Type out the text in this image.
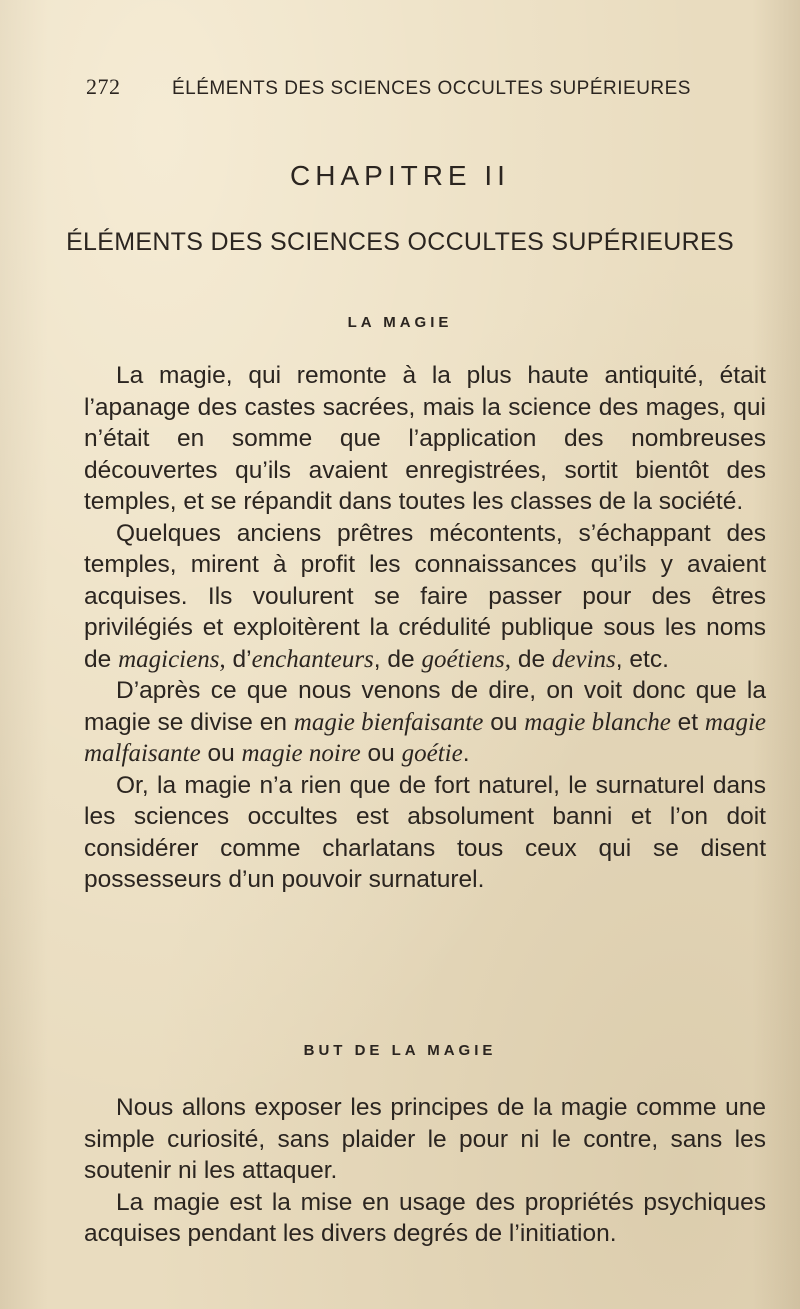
272	ÉLÉMENTS DES SCIENCES OCCULTES SUPÉRIEURES
CHAPITRE II
ÉLÉMENTS DES SCIENCES OCCULTES SUPÉRIEURES
LA MAGIE

La magie, qui remonte à la plus haute antiquité, était l’apanage des castes sacrées, mais la science des mages, qui n’était en somme que l’application des nombreuses découvertes qu’ils avaient enregistrées, sortit bientôt des temples, et se répandit dans toutes les classes de la société.

Quelques anciens prêtres mécontents, s’échappant des temples, mirent à profit les connaissances qu’ils y avaient acquises. Ils voulurent se faire passer pour des êtres privilégiés et exploitèrent la crédulité publique sous les noms de magiciens, d’enchanteurs, de goétiens, de devins, etc.

D’après ce que nous venons de dire, on voit donc que la magie se divise en magie bienfaisante ou magie blanche et magie malfaisante ou magie noire ou goétie.

Or, la magie n’a rien que de fort naturel, le surnaturel dans les sciences occultes est absolument banni et l’on doit considérer comme charlatans tous ceux qui se disent possesseurs d’un pouvoir surnaturel.

BUT DE LA MAGIE

Nous allons exposer les principes de la magie comme une simple curiosité, sans plaider le pour ni le contre, sans les soutenir ni les attaquer.

La magie est la mise en usage des propriétés psychiques acquises pendant les divers degrés de l’initiation.
